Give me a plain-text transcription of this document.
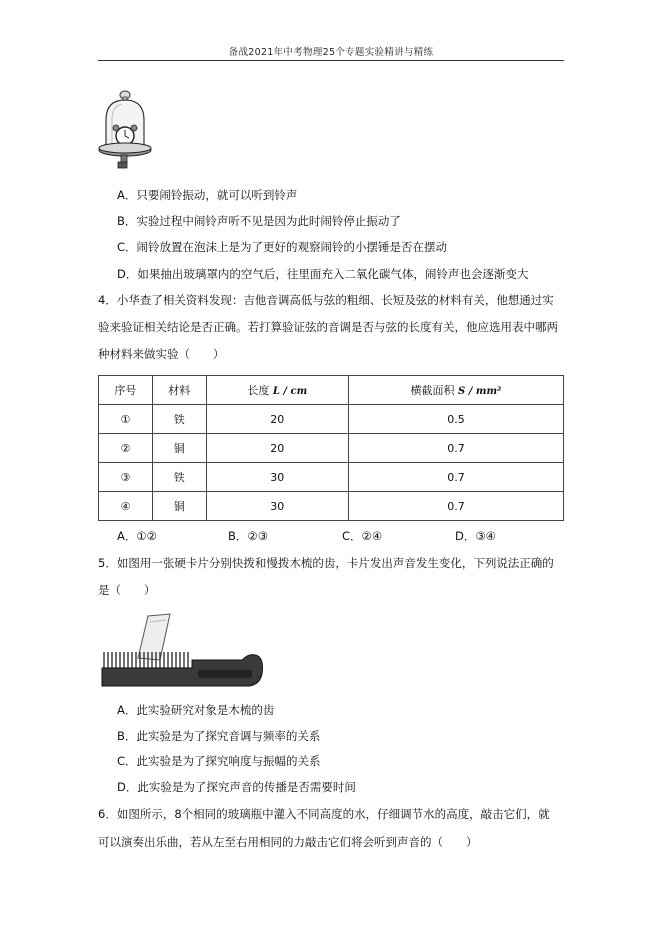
备战2021年中考物理25个专题实验精讲与精练
A．只要闹铃振动，就可以听到铃声
B．实验过程中闹铃声听不见是因为此时闹铃停止振动了
C．闹铃放置在泡沫上是为了更好的观察闹铃的小摆锤是否在摆动
D．如果抽出玻璃罩内的空气后，往里面充入二氧化碳气体，闹铃声也会逐渐变大
4．小华查了相关资料发现：吉他音调高低与弦的粗细、长短及弦的材料有关，他想通过实
验来验证相关结论是否正确。若打算验证弦的音调是否与弦的长度有关，他应选用表中哪两
种材料来做实验（　　）
序号	材料	长度 L / cm	横截面积 S / mm²
①	铁	20	0.5
②	铜	20	0.7
③	铁	30	0.7
④	铜	30	0.7
A．①②	B．②③	C．②④	D．③④
5．如图用一张硬卡片分别快拨和慢拨木梳的齿，卡片发出声音发生变化，下列说法正确的
是（　　）
A．此实验研究对象是木梳的齿
B．此实验是为了探究音调与频率的关系
C．此实验是为了探究响度与振幅的关系
D．此实验是为了探究声音的传播是否需要时间
6．如图所示，8个相同的玻璃瓶中灌入不同高度的水，仔细调节水的高度，敲击它们，就
可以演奏出乐曲，若从左至右用相同的力敲击它们将会听到声音的（　　）
